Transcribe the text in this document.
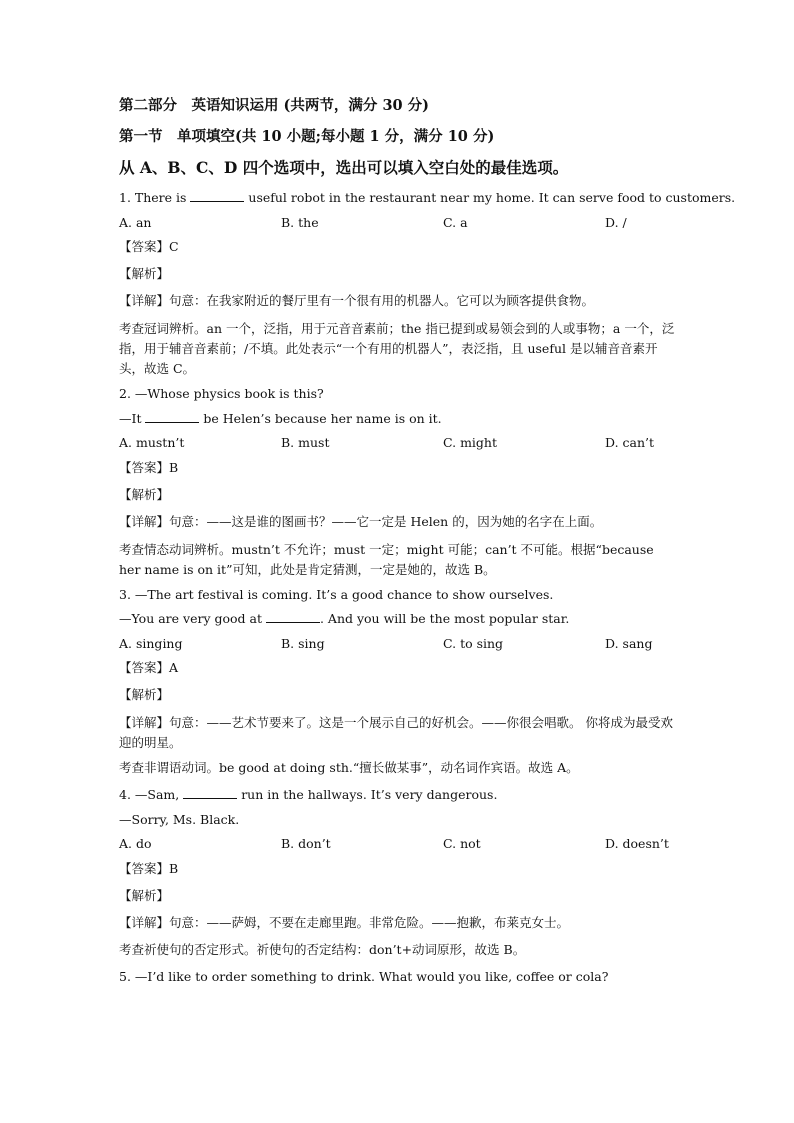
第二部分　英语知识运用 (共两节，满分 30 分)
第一节　单项填空(共 10 小题;每小题 1 分，满分 10 分)
从 A、B、C、D 四个选项中，选出可以填入空白处的最佳选项。
1. There is	useful robot in the restaurant near my home. It can serve food to customers.
A. an	B. the	C. a	D. /
【答案】C
【解析】
【详解】句意：在我家附近的餐厅里有一个很有用的机器人。它可以为顾客提供食物。
考查冠词辨析。an 一个，泛指，用于元音音素前；the 指已提到或易领会到的人或事物；a 一个，泛指，用于辅音音素前；/不填。此处表示“一个有用的机器人”，表泛指，且 useful 是以辅音音素开头，故选 C。
2. —Whose physics book is this?
—It	be Helen’s because her name is on it.
A. mustn’t	B. must	C. might	D. can’t
【答案】B
【解析】
【详解】句意：——这是谁的图画书？——它一定是 Helen 的，因为她的名字在上面。
考查情态动词辨析。mustn’t 不允许；must 一定；might 可能；can’t 不可能。根据“because her name is on it”可知，此处是肯定猜测，一定是她的，故选 B。
3. —The art festival is coming. It’s a good chance to show ourselves.
—You are very good at	. And you will be the most popular star.
A. singing	B. sing	C. to sing	D. sang
【答案】A
【解析】
【详解】句意：——艺术节要来了。这是一个展示自己的好机会。——你很会唱歌。 你将成为最受欢迎的明星。
考查非谓语动词。be good at doing sth.“擅长做某事”，动名词作宾语。故选 A。
4. —Sam,	run in the hallways. It’s very dangerous.
—Sorry, Ms. Black.
A. do	B. don’t	C. not	D. doesn’t
【答案】B
【解析】
【详解】句意：——萨姆，不要在走廊里跑。非常危险。——抱歉，布莱克女士。
考查祈使句的否定形式。祈使句的否定结构：don’t+动词原形，故选 B。
5. —I’d like to order something to drink. What would you like, coffee or cola?
